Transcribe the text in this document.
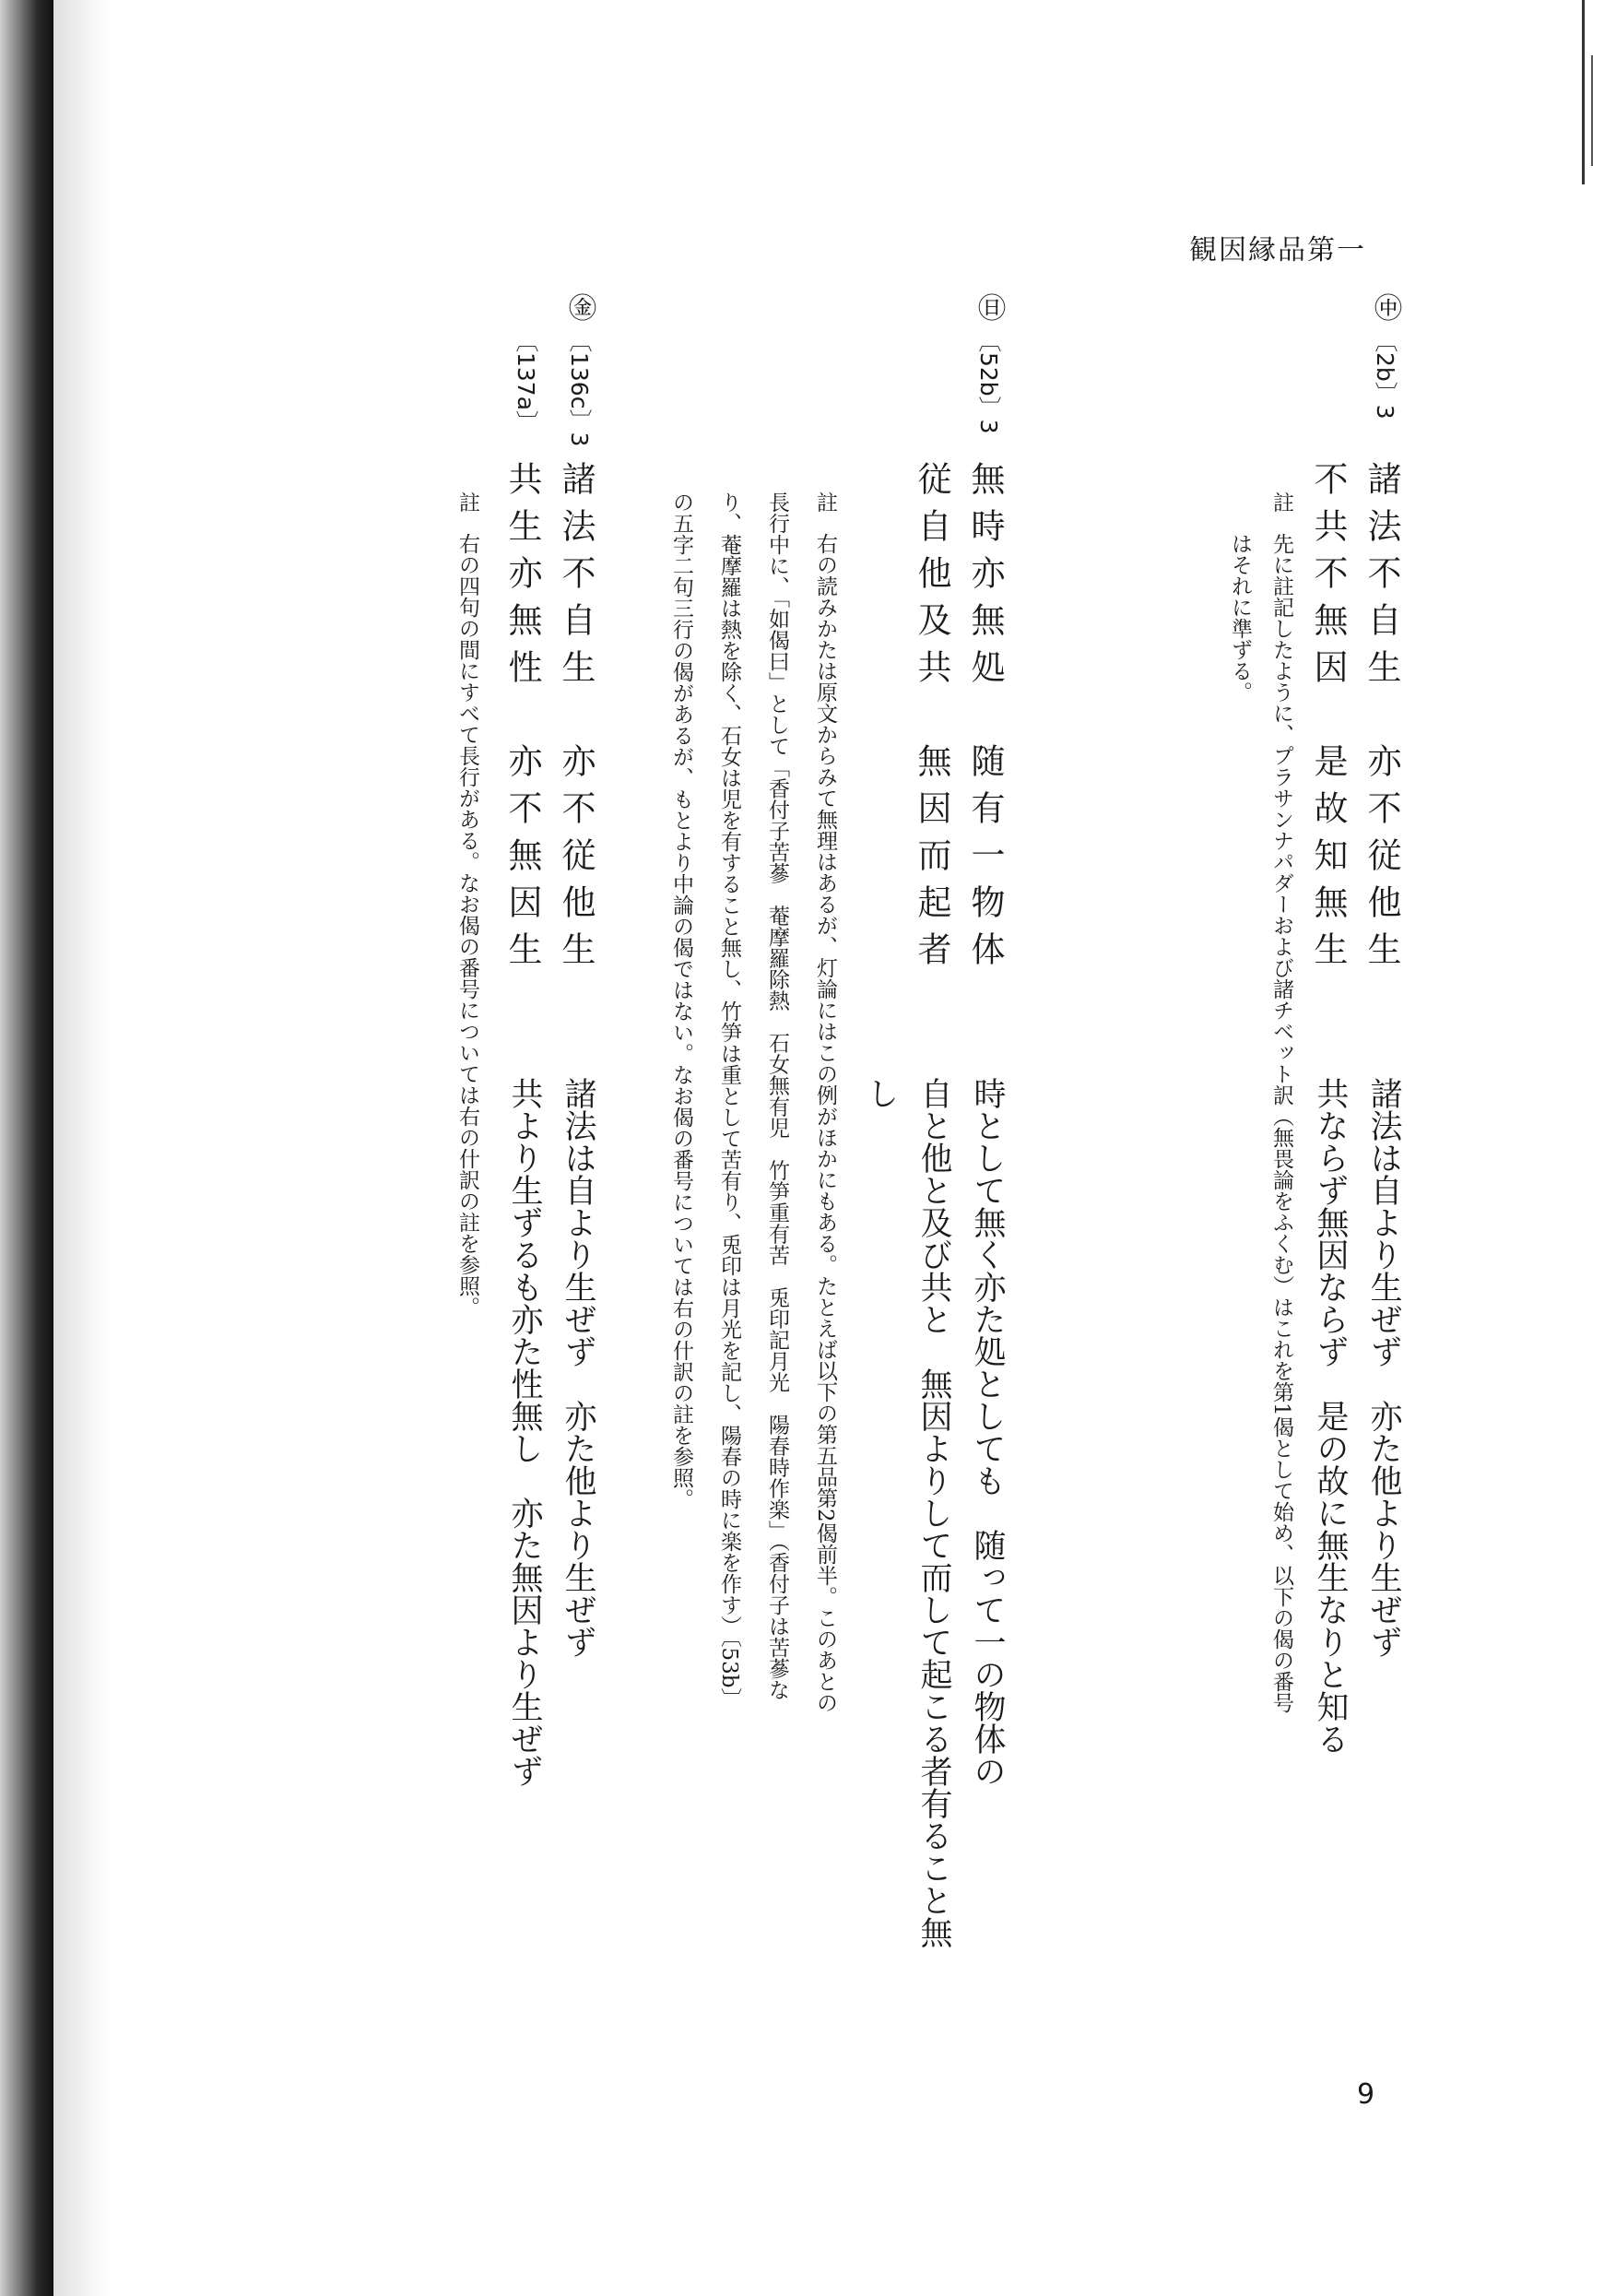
観因縁品第一
㊥
〔2b〕3
諸法不自生　亦不従他生
不共不無因　是故知無生
諸法は自より生ぜず　亦た他より生ぜず
共ならず無因ならず　是の故に無生なりと知る
註
先に註記したように、プラサンナパダーおよび諸チベット訳（無畏論をふくむ）はこれを第1偈として始め、以下の偈の番号
はそれに準ずる。
㊐
〔52b〕3
無時亦無処　随有一物体
従自他及共　無因而起者
時として無く亦た処としても　随って一の物体の
自と他と及び共と　無因よりして而して起こる者有ること無
し
註
右の読みかたは原文からみて無理はあるが、灯論にはこの例がほかにもある。たとえば以下の第五品第2偈前半。このあとの
長行中に、「如偈曰」として「香付子苦蔘　菴摩羅除熱　石女無有児　竹笋重有苦　兎印記月光　陽春時作楽」（香付子は苦蔘な
り、菴摩羅は熱を除く、石女は児を有すること無し、竹笋は重として苦有り、兎印は月光を記し、陽春の時に楽を作す）〔53b〕
の五字二句三行の偈があるが、もとより中論の偈ではない。なお偈の番号については右の什訳の註を参照。
㊎
〔136c〕3
〔137a〕
諸法不自生　亦不従他生
共生亦無性　亦不無因生
諸法は自より生ぜず　亦た他より生ぜず
共より生ずるも亦た性無し　亦た無因より生ぜず
註
右の四句の間にすべて長行がある。なお偈の番号については右の什訳の註を参照。
9
